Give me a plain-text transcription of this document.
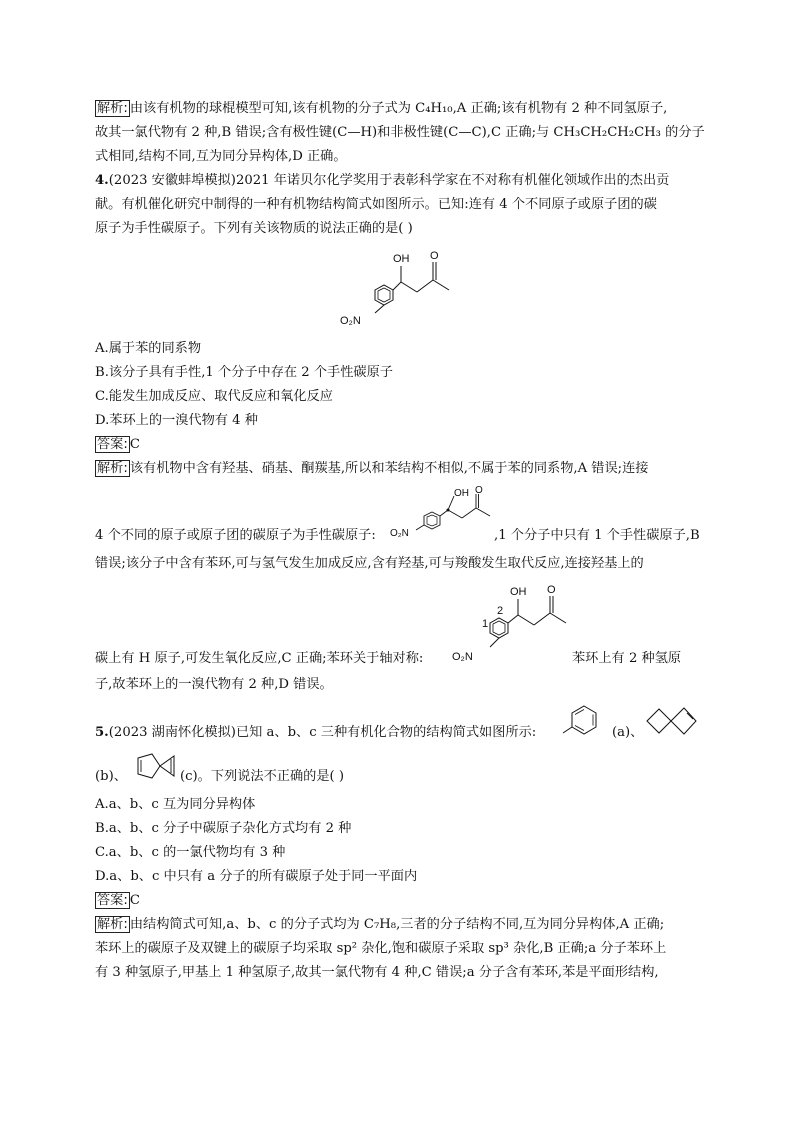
解析: 由该有机物的球棍模型可知,该有机物的分子式为 C₄H₁₀,A 正确;该有机物有 2 种不同氢原子,
故其一氯代物有 2 种,B 错误;含有极性键(C—H)和非极性键(C—C),C 正确;与 CH₃CH₂CH₂CH₃ 的分子
式相同,结构不同,互为同分异构体,D 正确。
4.(2023 安徽蚌埠模拟)2021 年诺贝尔化学奖用于表彰科学家在不对称有机催化领域作出的杰出贡
献。有机催化研究中制得的一种有机物结构简式如图所示。已知:连有 4 个不同原子或原子团的碳
原子为手性碳原子。下列有关该物质的说法正确的是( )
OH O
O₂N
A.属于苯的同系物
B.该分子具有手性,1 个分子中存在 2 个手性碳原子
C.能发生加成反应、取代反应和氧化反应
D.苯环上的一溴代物有 4 种
答案: C
解析: 该有机物中含有羟基、硝基、酮羰基,所以和苯结构不相似,不属于苯的同系物,A 错误;连接
4 个不同的原子或原子团的碳原子为手性碳原子:
OH O
O₂N	,1 个分子中只有 1 个手性碳原子,B
错误;该分子中含有苯环,可与氢气发生加成反应,含有羟基,可与羧酸发生取代反应,连接羟基上的
碳上有 H 原子,可发生氧化反应,C 正确;苯环关于轴对称:
OH O
1
2
O₂N	苯环上有 2 种氢原
子,故苯环上的一溴代物有 2 种,D 错误。
5.(2023 湖南怀化模拟)已知 a、b、c 三种有机化合物的结构简式如图所示:	(a)、
(b)、	(c)。下列说法不正确的是( )
A.a、b、c 互为同分异构体
B.a、b、c 分子中碳原子杂化方式均有 2 种
C.a、b、c 的一氯代物均有 3 种
D.a、b、c 中只有 a 分子的所有碳原子处于同一平面内
答案: C
解析: 由结构简式可知,a、b、c 的分子式均为 C₇H₈,三者的分子结构不同,互为同分异构体,A 正确;
苯环上的碳原子及双键上的碳原子均采取 sp² 杂化,饱和碳原子采取 sp³ 杂化,B 正确;a 分子苯环上
有 3 种氢原子,甲基上 1 种氢原子,故其一氯代物有 4 种,C 错误;a 分子含有苯环,苯是平面形结构,
